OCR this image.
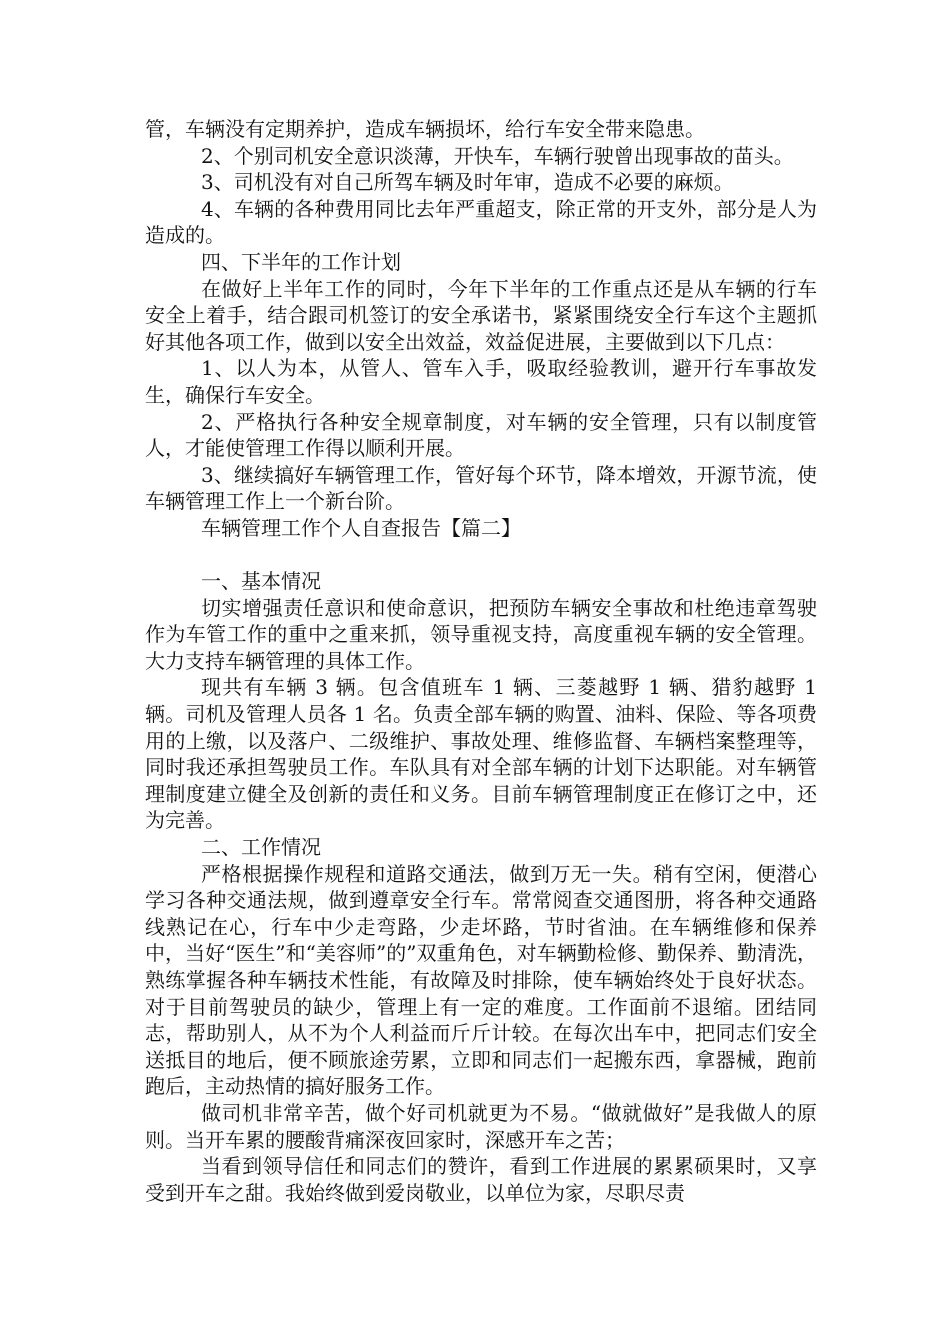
管，车辆没有定期养护，造成车辆损坏，给行车安全带来隐患。

2、个别司机安全意识淡薄，开快车，车辆行驶曾出现事故的苗头。

3、司机没有对自己所驾车辆及时年审，造成不必要的麻烦。

4、车辆的各种费用同比去年严重超支，除正常的开支外，部分是人为造成的。

四、下半年的工作计划

在做好上半年工作的同时，今年下半年的工作重点还是从车辆的行车安全上着手，结合跟司机签订的安全承诺书，紧紧围绕安全行车这个主题抓好其他各项工作，做到以安全出效益，效益促进展，主要做到以下几点：

1、以人为本，从管人、管车入手，吸取经验教训，避开行车事故发生，确保行车安全。

2、严格执行各种安全规章制度，对车辆的安全管理，只有以制度管人，才能使管理工作得以顺利开展。

3、继续搞好车辆管理工作，管好每个环节，降本增效，开源节流，使车辆管理工作上一个新台阶。

车辆管理工作个人自查报告【篇二】

一、基本情况

切实增强责任意识和使命意识，把预防车辆安全事故和杜绝违章驾驶作为车管工作的重中之重来抓，领导重视支持，高度重视车辆的安全管理。大力支持车辆管理的具体工作。

现共有车辆 3 辆。包含值班车 1 辆、三菱越野 1 辆、猎豹越野 1 辆。司机及管理人员各 1 名。负责全部车辆的购置、油料、保险、等各项费用的上缴，以及落户、二级维护、事故处理、维修监督、车辆档案整理等，同时我还承担驾驶员工作。车队具有对全部车辆的计划下达职能。对车辆管理制度建立健全及创新的责任和义务。目前车辆管理制度正在修订之中，还为完善。

二、工作情况

严格根据操作规程和道路交通法，做到万无一失。稍有空闲，便潜心学习各种交通法规，做到遵章安全行车。常常阅查交通图册，将各种交通路线熟记在心，行车中少走弯路，少走坏路，节时省油。在车辆维修和保养中，当好“医生”和“美容师”的”双重角色，对车辆勤检修、勤保养、勤清洗，熟练掌握各种车辆技术性能，有故障及时排除，使车辆始终处于良好状态。对于目前驾驶员的缺少，管理上有一定的难度。工作面前不退缩。团结同志，帮助别人，从不为个人利益而斤斤计较。在每次出车中，把同志们安全送抵目的地后，便不顾旅途劳累，立即和同志们一起搬东西，拿器械，跑前跑后，主动热情的搞好服务工作。

做司机非常辛苦，做个好司机就更为不易。“做就做好”是我做人的原则。当开车累的腰酸背痛深夜回家时，深感开车之苦；

当看到领导信任和同志们的赞许，看到工作进展的累累硕果时，又享受到开车之甜。我始终做到爱岗敬业，以单位为家，尽职尽责
